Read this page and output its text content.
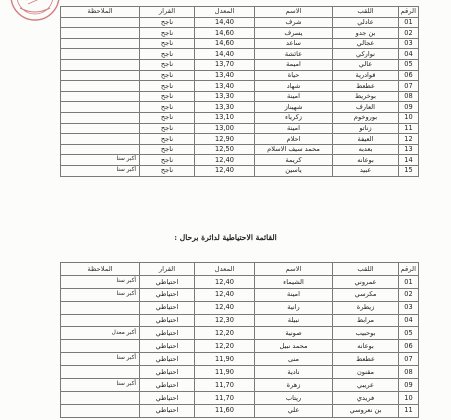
الرقم	اللقب	الاسم	المعدل	القرار	الملاحظة
01	عادلي	شرف	14,40	ناجح	
02	بن جدو	يسرف	14,60	ناجح	
03	عجالي	ساعد	14,60	ناجح	
04	نواركي	عائشة	14,40	ناجح	
05	عالي	اميمة	13,70	ناجح	
06	قوادرية	حياة	13,40	ناجح	
07	عطعط	شهاد	13,40	ناجح	
08	بوخريط	امينة	13,30	ناجح	
09	العارف	شهيناز	13,30	ناجح	
10	بوروخوم	زكرياء	13,10	ناجح	
11	زناتو	امينة	13,00	ناجح	
12	العيفة	احلام	12,90	ناجح	
13	بعدبه	محمد سيف الاسلام	12,50	ناجح	
14	بوعانه	كريمة	12,40	ناجح	أكبر سنا
15	عبيد	ياسين	12,40	ناجح	أكبر سنا
القائمة الاحتياطية لدائرة برحال :
الرقم	اللقب	الاسم	المعدل	القرار	الملاحظة
01	عمروني	الشيماء	12,40	احتياطي	أكبر سنا
02	مكرسي	امينة	12,40	احتياطي	أكبر سنا
03	زيطرة	رانية	12,40	احتياطي	
04	مرابط	نبيلة	12,30	احتياطي	
05	بوحبيب	صونية	12,20	احتياطي	أكبر معدل
06	بوعانه	محمد نبيل	12,20	احتياطي	
07	عطعط	منى	11,90	احتياطي	أكبر سنا
08	مقنون	نادية	11,90	احتياطي	
09	عريبي	زهرة	11,70	احتياطي	أكبر سنا
10	فريدي	ريتاب	11,70	احتياطي	
11	بن نعروسي	علي	11,60	احتياطي	
